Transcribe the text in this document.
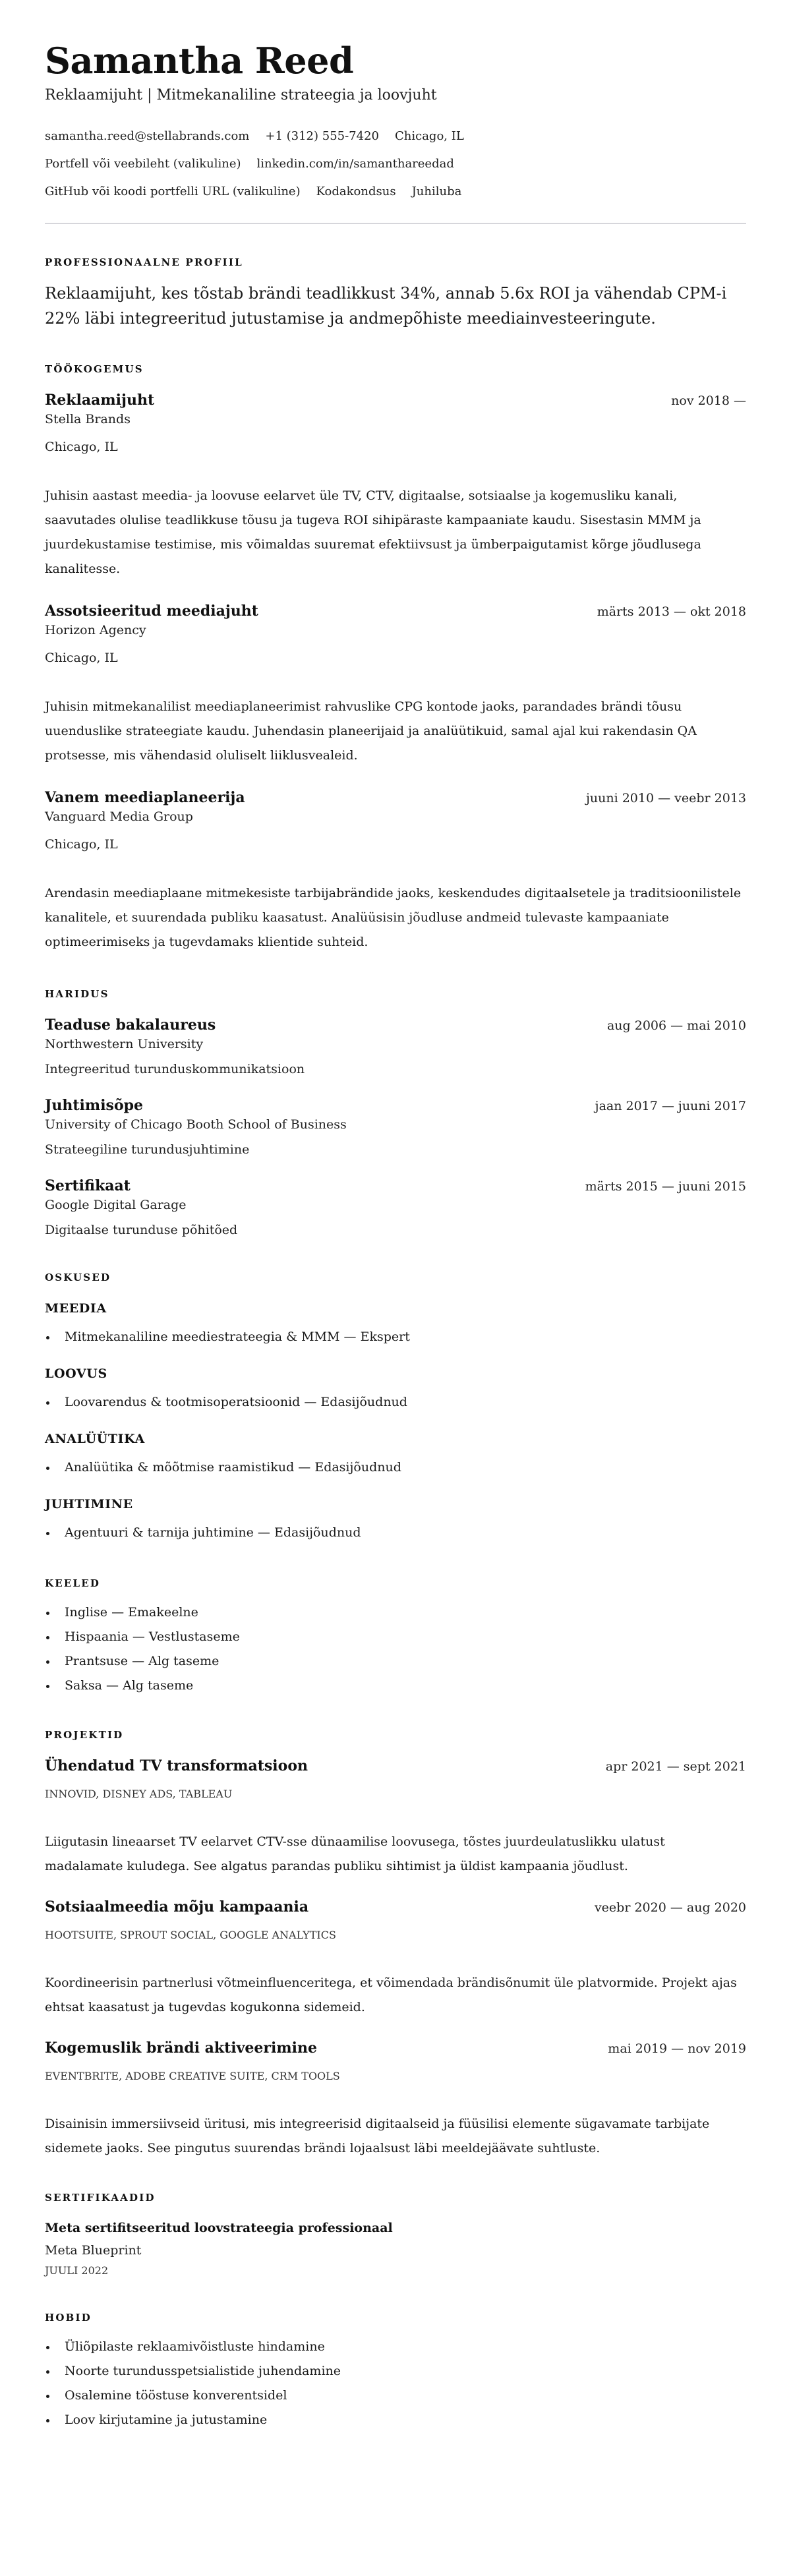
Samantha Reed
Reklaamijuht | Mitmekanaliline strateegia ja loovjuht
samantha.reed@stellabrands.com +1 (312) 555-7420 Chicago, IL
Portfell või veebileht (valikuline) linkedin.com/in/samanthareedad
GitHub või koodi portfelli URL (valikuline) Kodakondsus Juhiluba
PROFESSIONAALNE PROFIIL

Reklaamijuht, kes tõstab brändi teadlikkust 34%, annab 5.6x ROI ja vähendab CPM-i 22% läbi integreeritud jutustamise ja andmepõhiste meediainvesteeringute.

TÖÖKOGEMUS
Reklaamijuht	nov 2018 —
Stella Brands
Chicago, IL

Juhisin aastast meedia- ja loovuse eelarvet üle TV, CTV, digitaalse, sotsiaalse ja kogemusliku kanali, saavutades olulise teadlikkuse tõusu ja tugeva ROI sihipäraste kampaaniate kaudu. Sisestasin MMM ja juurdekustamise testimise, mis võimaldas suuremat efektiivsust ja ümberpaigutamist kõrge jõudlusega kanalitesse.

Assotsieeritud meediajuht	märts 2013 — okt 2018
Horizon Agency
Chicago, IL

Juhisin mitmekanalilist meediaplaneerimist rahvuslike CPG kontode jaoks, parandades brändi tõusu uuenduslike strateegiate kaudu. Juhendasin planeerijaid ja analüütikuid, samal ajal kui rakendasin QA protsesse, mis vähendasid oluliselt liiklusvealeid.

Vanem meediaplaneerija	juuni 2010 — veebr 2013
Vanguard Media Group
Chicago, IL

Arendasin meediaplaane mitmekesiste tarbijabrändide jaoks, keskendudes digitaalsetele ja traditsioonilistele kanalitele, et suurendada publiku kaasatust. Analüüsisin jõudluse andmeid tulevaste kampaaniate optimeerimiseks ja tugevdamaks klientide suhteid.

HARIDUS
Teaduse bakalaureus	aug 2006 — mai 2010
Northwestern University
Integreeritud turunduskommunikatsioon
Juhtimisõpe	jaan 2017 — juuni 2017
University of Chicago Booth School of Business
Strateegiline turundusjuhtimine
Sertifikaat	märts 2015 — juuni 2015
Google Digital Garage
Digitaalse turunduse põhitõed
OSKUSED
MEEDIA
Mitmekanaliline meediestrateegia & MMM — Ekspert
LOOVUS
Loovarendus & tootmisoperatsioonid — Edasijõudnud
ANALÜÜTIKA
Analüütika & mõõtmise raamistikud — Edasijõudnud
JUHTIMINE
Agentuuri & tarnija juhtimine — Edasijõudnud
KEELED
Inglise — Emakeelne
Hispaania — Vestlustaseme
Prantsuse — Alg taseme
Saksa — Alg taseme
PROJEKTID
Ühendatud TV transformatsioon	apr 2021 — sept 2021
INNOVID, DISNEY ADS, TABLEAU

Liigutasin lineaarset TV eelarvet CTV-sse dünaamilise loovusega, tõstes juurdeulatuslikku ulatust madalamate kuludega. See algatus parandas publiku sihtimist ja üldist kampaania jõudlust.

Sotsiaalmeedia mõju kampaania	veebr 2020 — aug 2020
HOOTSUITE, SPROUT SOCIAL, GOOGLE ANALYTICS

Koordineerisin partnerlusi võtmeinfluenceritega, et võimendada brändisõnumit üle platvormide. Projekt ajas ehtsat kaasatust ja tugevdas kogukonna sidemeid.

Kogemuslik brändi aktiveerimine	mai 2019 — nov 2019
EVENTBRITE, ADOBE CREATIVE SUITE, CRM TOOLS

Disainisin immersiivseid üritusi, mis integreerisid digitaalseid ja füüsilisi elemente sügavamate tarbijate sidemete jaoks. See pingutus suurendas brändi lojaalsust läbi meeldejäävate suhtluste.

SERTIFIKAADID
Meta sertifitseeritud loovstrateegia professionaal
Meta Blueprint
JUULI 2022
HOBID
Üliõpilaste reklaamivõistluste hindamine
Noorte turundusspetsialistide juhendamine
Osalemine tööstuse konverentsidel
Loov kirjutamine ja jutustamine
